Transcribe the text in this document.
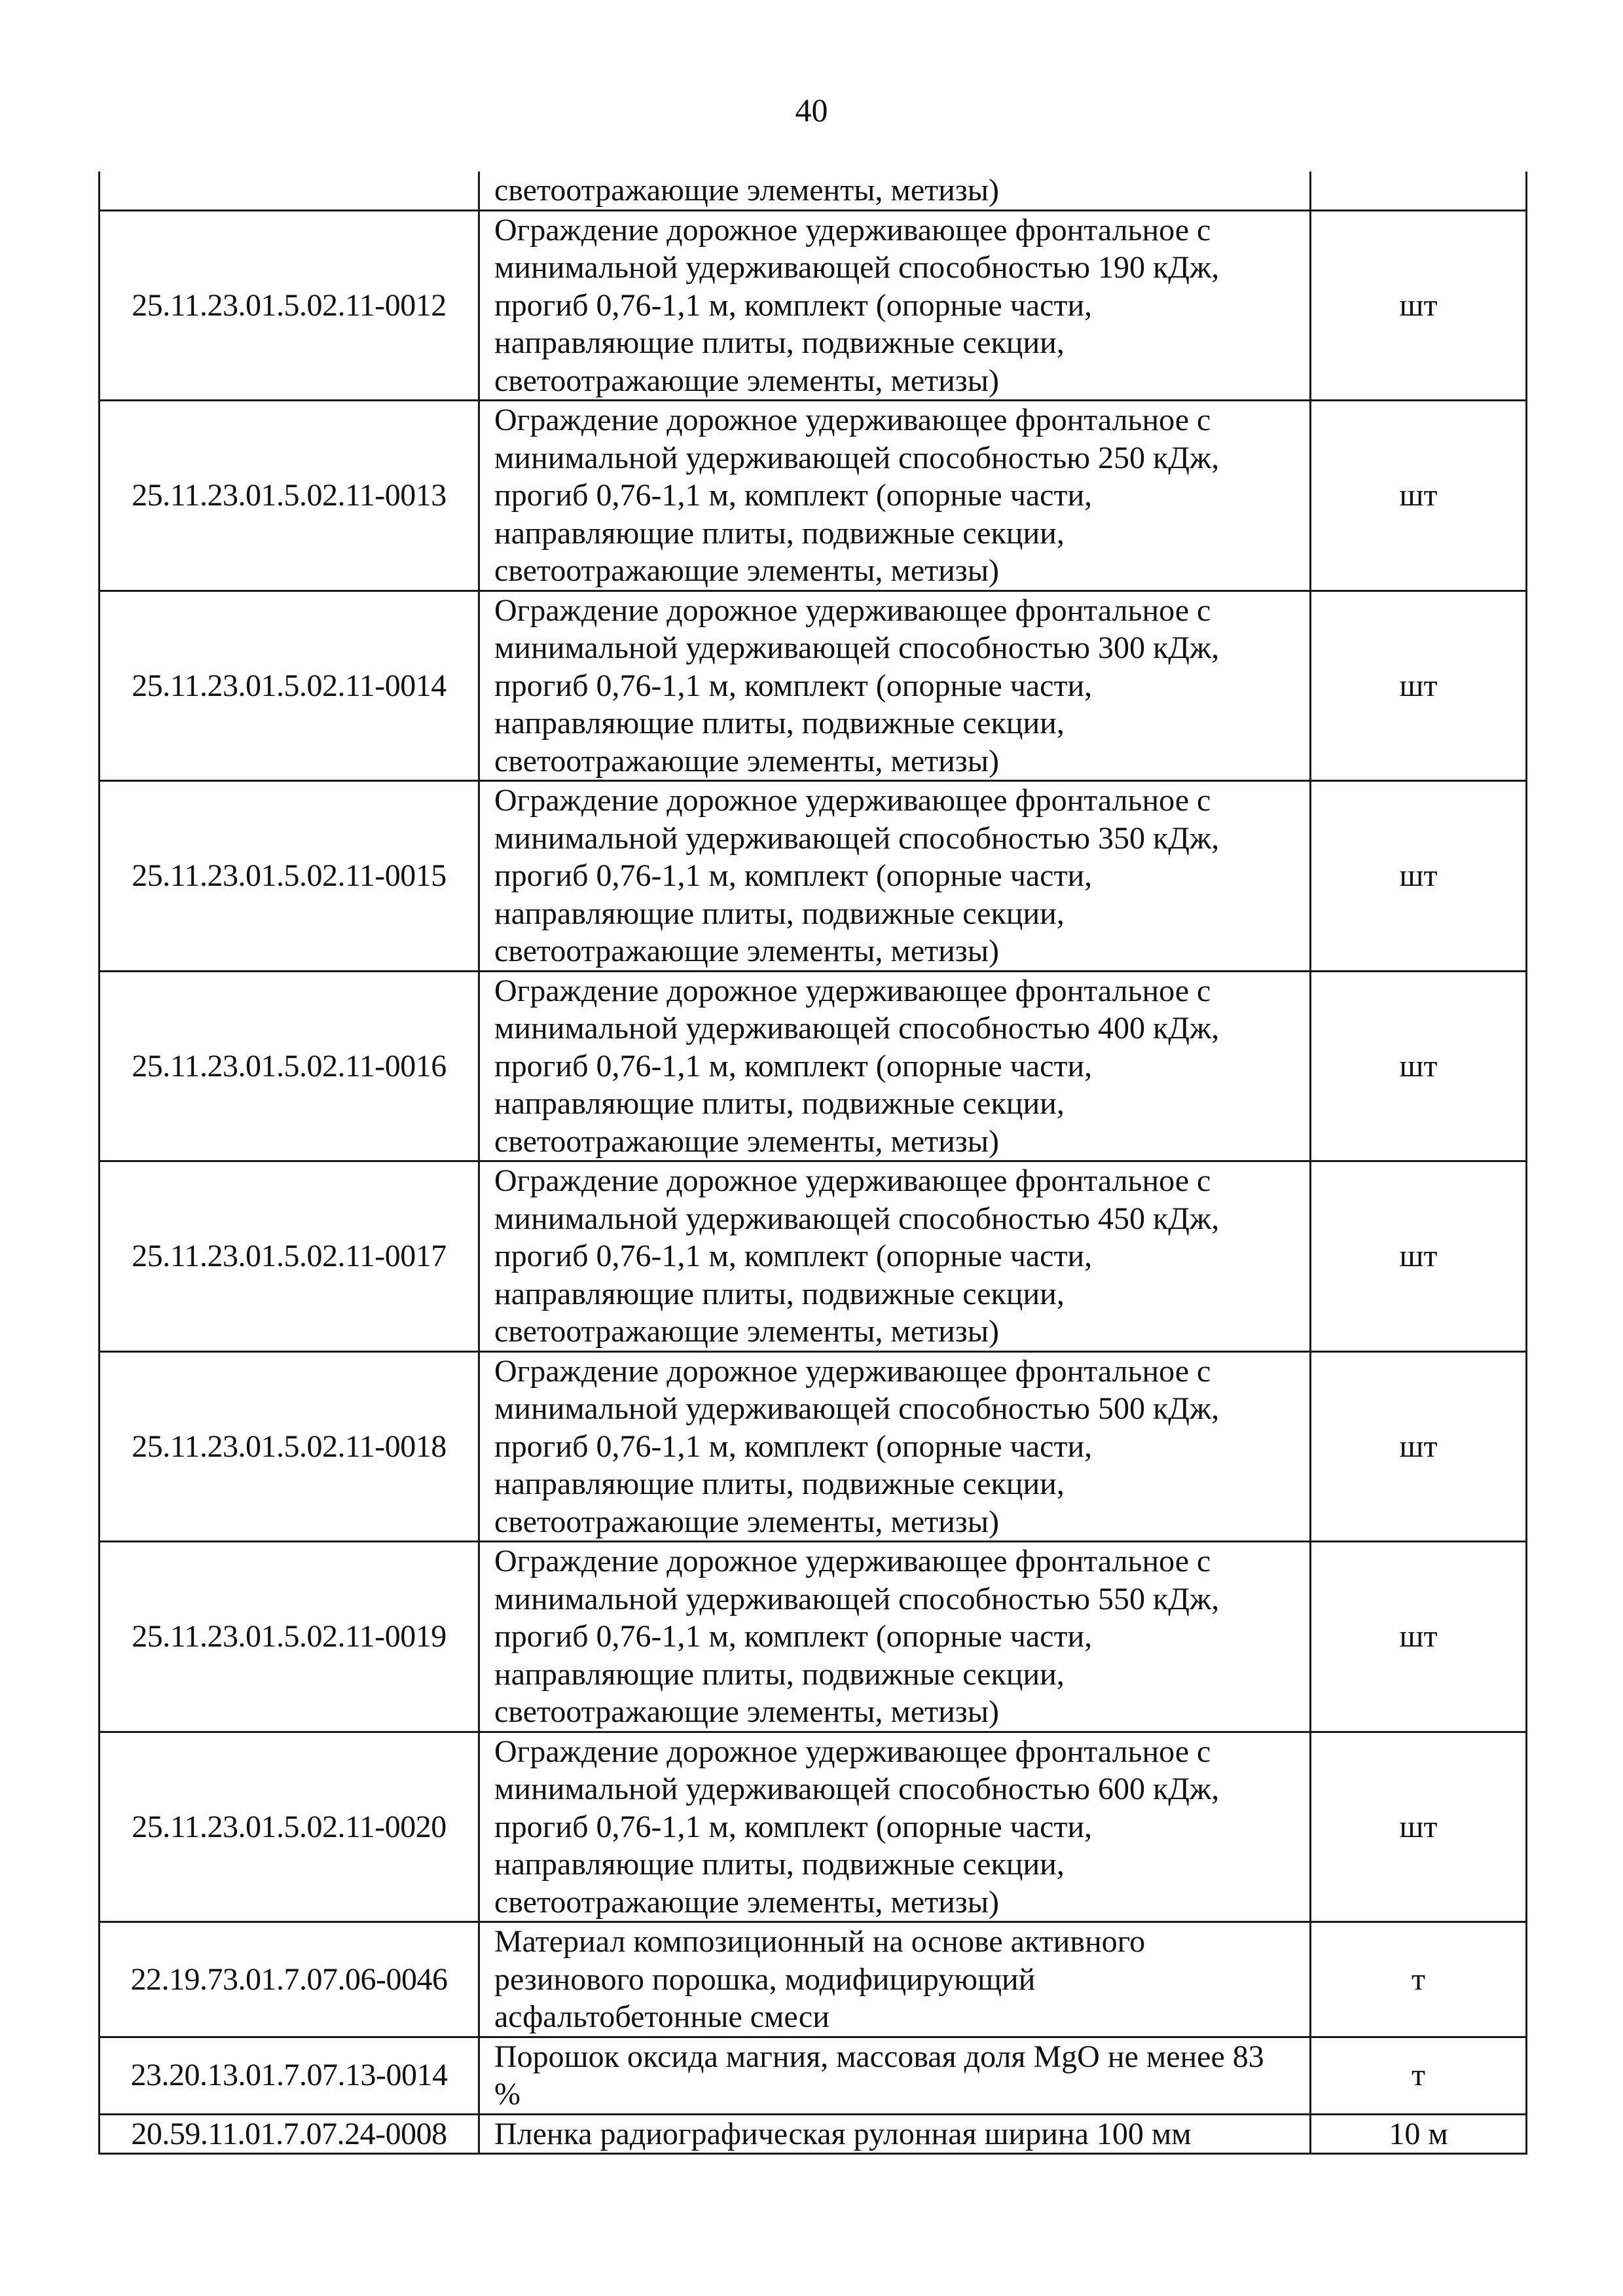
40

	светоотражающие элементы, метизы)	

25.11.23.01.5.02.11-0012	Ограждение дорожное удерживающее фронтальное с
минимальной удерживающей способностью 190 кДж,
прогиб 0,76-1,1 м, комплект (опорные части,
направляющие плиты, подвижные секции,
светоотражающие элементы, метизы)	шт
25.11.23.01.5.02.11-0013	Ограждение дорожное удерживающее фронтальное с
минимальной удерживающей способностью 250 кДж,
прогиб 0,76-1,1 м, комплект (опорные части,
направляющие плиты, подвижные секции,
светоотражающие элементы, метизы)	шт
25.11.23.01.5.02.11-0014	Ограждение дорожное удерживающее фронтальное с
минимальной удерживающей способностью 300 кДж,
прогиб 0,76-1,1 м, комплект (опорные части,
направляющие плиты, подвижные секции,
светоотражающие элементы, метизы)	шт
25.11.23.01.5.02.11-0015	Ограждение дорожное удерживающее фронтальное с
минимальной удерживающей способностью 350 кДж,
прогиб 0,76-1,1 м, комплект (опорные части,
направляющие плиты, подвижные секции,
светоотражающие элементы, метизы)	шт
25.11.23.01.5.02.11-0016	Ограждение дорожное удерживающее фронтальное с
минимальной удерживающей способностью 400 кДж,
прогиб 0,76-1,1 м, комплект (опорные части,
направляющие плиты, подвижные секции,
светоотражающие элементы, метизы)	шт
25.11.23.01.5.02.11-0017	Ограждение дорожное удерживающее фронтальное с
минимальной удерживающей способностью 450 кДж,
прогиб 0,76-1,1 м, комплект (опорные части,
направляющие плиты, подвижные секции,
светоотражающие элементы, метизы)	шт
25.11.23.01.5.02.11-0018	Ограждение дорожное удерживающее фронтальное с
минимальной удерживающей способностью 500 кДж,
прогиб 0,76-1,1 м, комплект (опорные части,
направляющие плиты, подвижные секции,
светоотражающие элементы, метизы)	шт
25.11.23.01.5.02.11-0019	Ограждение дорожное удерживающее фронтальное с
минимальной удерживающей способностью 550 кДж,
прогиб 0,76-1,1 м, комплект (опорные части,
направляющие плиты, подвижные секции,
светоотражающие элементы, метизы)	шт
25.11.23.01.5.02.11-0020	Ограждение дорожное удерживающее фронтальное с
минимальной удерживающей способностью 600 кДж,
прогиб 0,76-1,1 м, комплект (опорные части,
направляющие плиты, подвижные секции,
светоотражающие элементы, метизы)	шт
22.19.73.01.7.07.06-0046	Материал композиционный на основе активного
резинового порошка, модифицирующий
асфальтобетонные смеси	т
23.20.13.01.7.07.13-0014	Порошок оксида магния, массовая доля MgO не менее 83
%	т
20.59.11.01.7.07.24-0008	Пленка радиографическая рулонная ширина 100 мм	10 м
